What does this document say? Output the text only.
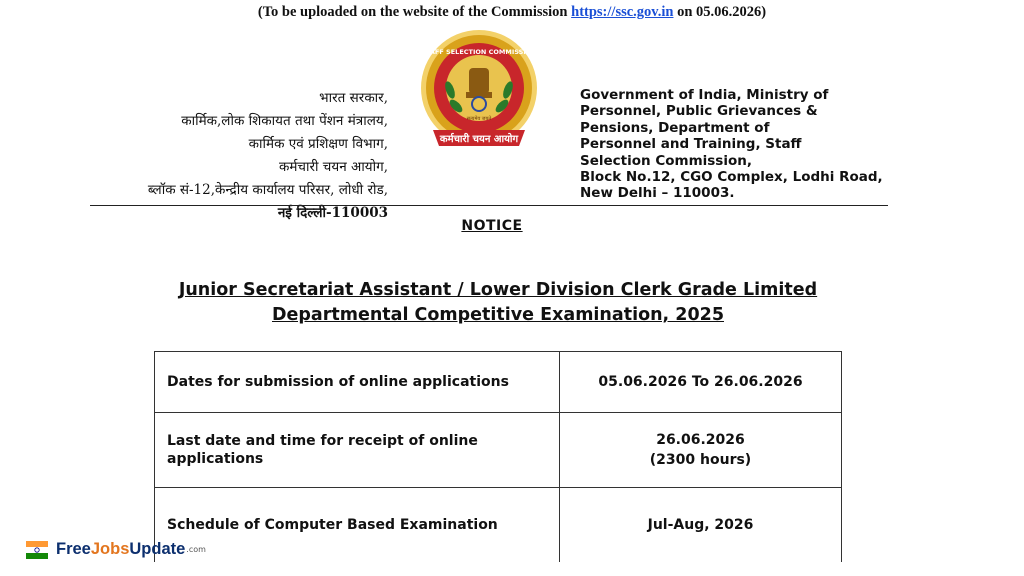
(To be uploaded on the website of the Commission https://ssc.gov.in on 05.06.2026)
भारत सरकार,
कार्मिक,लोक शिकायत तथा पेंशन मंत्रालय,
कार्मिक एवं प्रशिक्षण विभाग,
कर्मचारी चयन आयोग,
ब्लॉक सं-12,केन्द्रीय कार्यालय परिसर, लोधी रोड,
नई दिल्ली-110003
STAFF SELECTION COMMISSION
सत्यमेव जयते
कर्मचारी चयन आयोग
Government of India, Ministry of
Personnel, Public Grievances &
Pensions, Department of
Personnel and Training, Staff
Selection Commission,
Block No.12, CGO Complex, Lodhi Road,
New Delhi – 110003.
NOTICE
Junior Secretariat Assistant / Lower Division Clerk Grade Limited
Departmental Competitive Examination, 2025
Dates for submission of online applications	05.06.2026 To 26.06.2026

Last date and time for receipt of online applications	26.06.2026
(2300 hours)

Schedule of Computer Based Examination	Jul-Aug, 2026
FreeJobsUpdate .com
